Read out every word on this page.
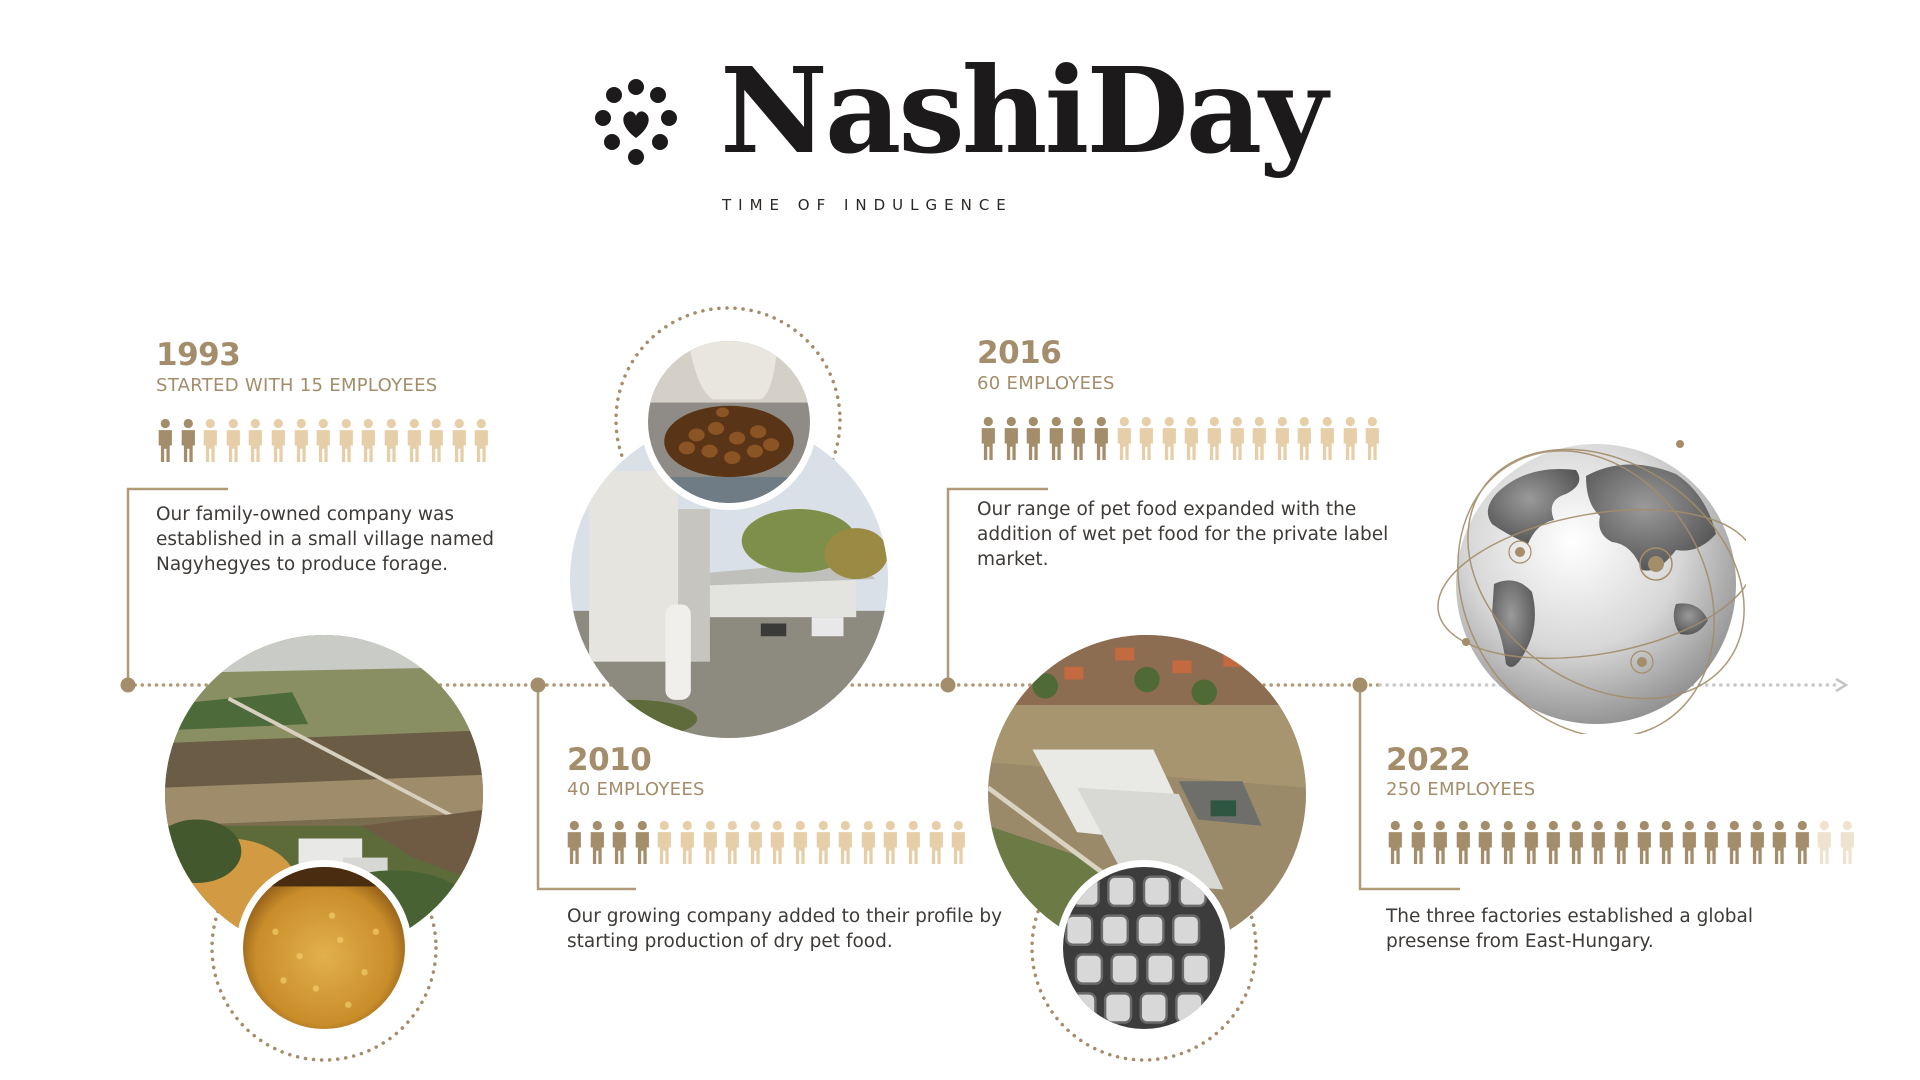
NashiDay
TIME OF INDULGENCE
1993
STARTED WITH 15 EMPLOYEES
Our family-owned company was established in a small village named Nagyhegyes to produce forage.
2010
40 EMPLOYEES
Our growing company added to their profile by starting production of dry pet food.
2016
60 EMPLOYEES
Our range of pet food expanded with the addition of wet pet food for the private label market.
2022
250 EMPLOYEES
The three factories established a global presense from East-Hungary.
